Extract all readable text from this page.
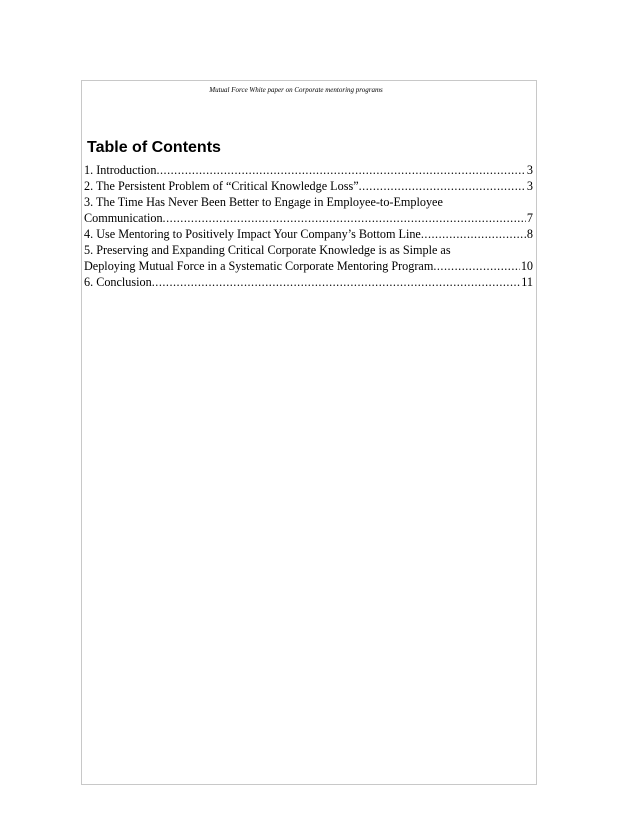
Mutual Force White paper on Corporate mentoring programs
Table of Contents
1. Introduction .....	3
2. The Persistent Problem of “Critical Knowledge Loss” .....	3
3. The Time Has Never Been Better to Engage in Employee-to-Employee
Communication .....	7
4. Use Mentoring to Positively Impact Your Company’s Bottom Line .....	8
5. Preserving and Expanding Critical Corporate Knowledge is as Simple as
Deploying Mutual Force in a Systematic Corporate Mentoring Program .....	10
6. Conclusion .....	11
